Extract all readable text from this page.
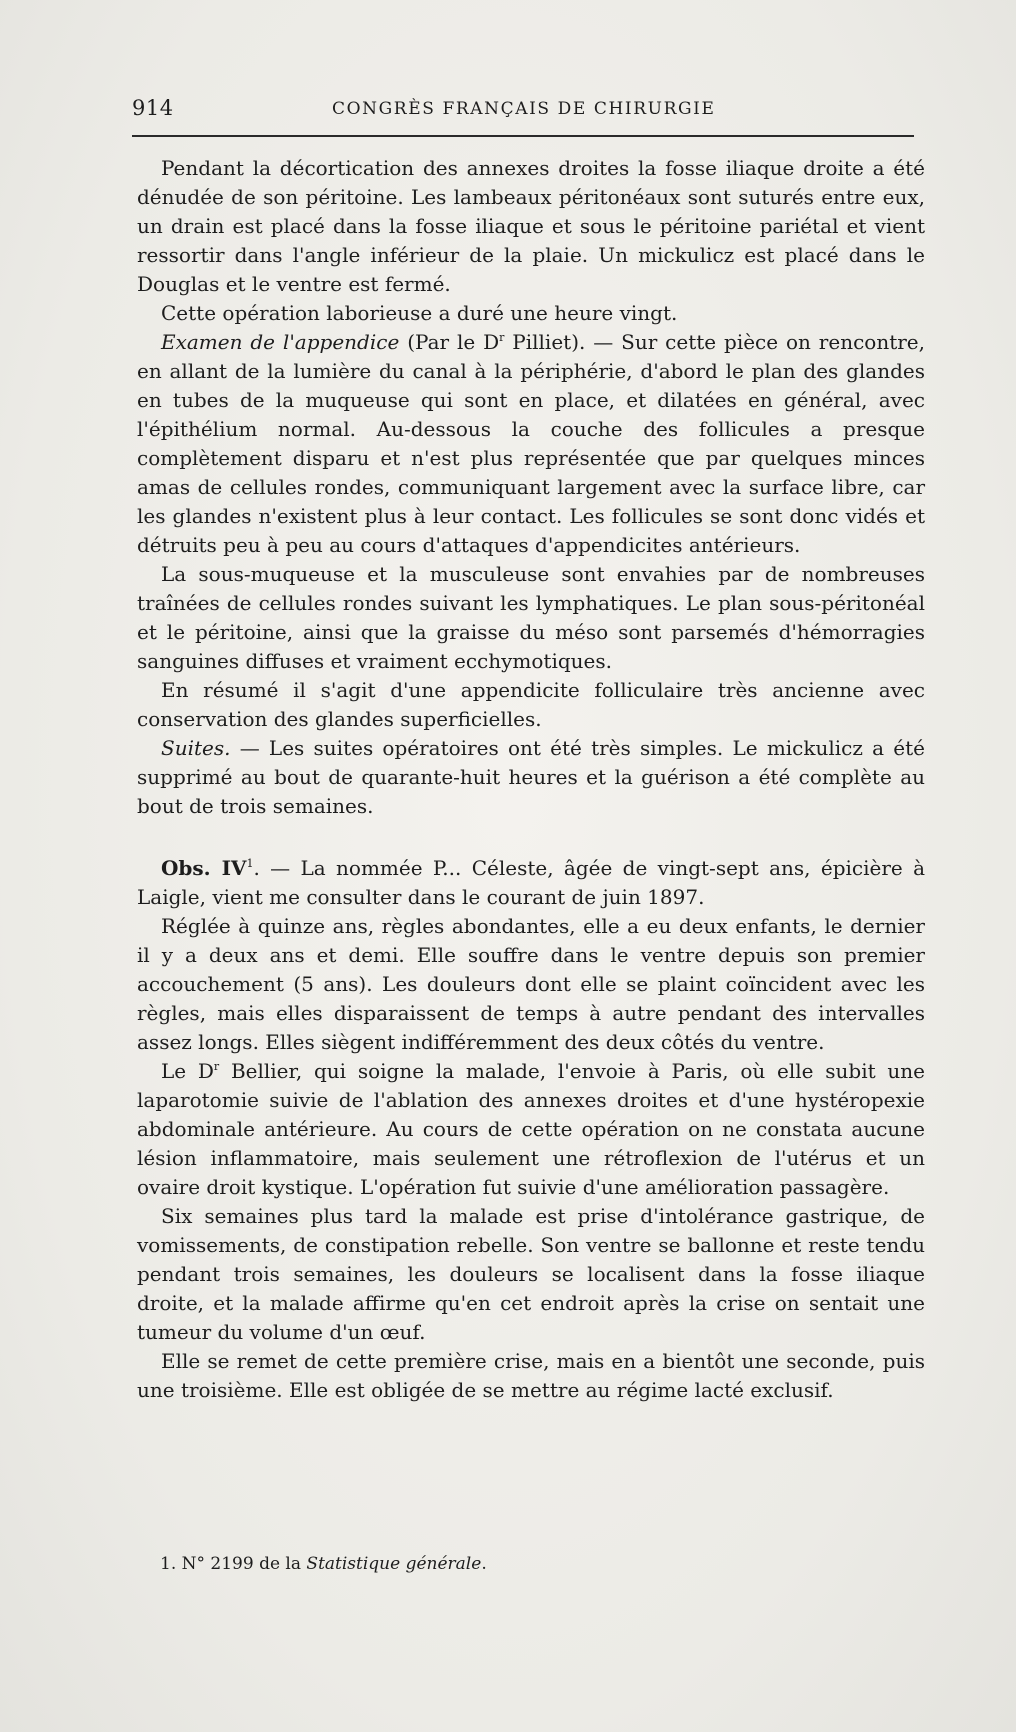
914	CONGRÈS FRANÇAIS DE CHIRURGIE

Pendant la décortication des annexes droites la fosse iliaque droite a été dénudée de son péritoine. Les lambeaux péritonéaux sont suturés entre eux, un drain est placé dans la fosse iliaque et sous le péritoine pariétal et vient ressortir dans l'angle inférieur de la plaie. Un mickulicz est placé dans le Douglas et le ventre est fermé.

Cette opération laborieuse a duré une heure vingt.

Examen de l'appendice (Par le $D^r$ Pilliet). — Sur cette pièce on rencontre, en allant de la lumière du canal à la périphérie, d'abord le plan des glandes en tubes de la muqueuse qui sont en place, et dilatées en général, avec l'épithélium normal. Au-dessous la couche des follicules a presque complètement disparu et n'est plus représentée que par quelques minces amas de cellules rondes, communiquant largement avec la surface libre, car les glandes n'existent plus à leur contact. Les follicules se sont donc vidés et détruits peu à peu au cours d'attaques d'appendicites antérieurs.

La sous-muqueuse et la musculeuse sont envahies par de nombreuses traînées de cellules rondes suivant les lymphatiques. Le plan sous-péritonéal et le péritoine, ainsi que la graisse du méso sont parsemés d'hémorragies sanguines diffuses et vraiment ecchymotiques.

En résumé il s'agit d'une appendicite folliculaire très ancienne avec conservation des glandes superficielles.

Suites. — Les suites opératoires ont été très simples. Le mickulicz a été supprimé au bout de quarante-huit heures et la guérison a été complète au bout de trois semaines.

Obs. $IV^1$. — La nommée P... Céleste, âgée de vingt-sept ans, épicière à Laigle, vient me consulter dans le courant de juin 1897.

Réglée à quinze ans, règles abondantes, elle a eu deux enfants, le dernier il y a deux ans et demi. Elle souffre dans le ventre depuis son premier accouchement (5 ans). Les douleurs dont elle se plaint coïncident avec les règles, mais elles disparaissent de temps à autre pendant des intervalles assez longs. Elles siègent indifféremment des deux côtés du ventre.

Le $D^r$ Bellier, qui soigne la malade, l'envoie à Paris, où elle subit une laparotomie suivie de l'ablation des annexes droites et d'une hystéropexie abdominale antérieure. Au cours de cette opération on ne constata aucune lésion inflammatoire, mais seulement une rétroflexion de l'utérus et un ovaire droit kystique. L'opération fut suivie d'une amélioration passagère.

Six semaines plus tard la malade est prise d'intolérance gastrique, de vomissements, de constipation rebelle. Son ventre se ballonne et reste tendu pendant trois semaines, les douleurs se localisent dans la fosse iliaque droite, et la malade affirme qu'en cet endroit après la crise on sentait une tumeur du volume d'un œuf.

Elle se remet de cette première crise, mais en a bientôt une seconde, puis une troisième. Elle est obligée de se mettre au régime lacté exclusif.

1. N° 2199 de la Statistique générale.
